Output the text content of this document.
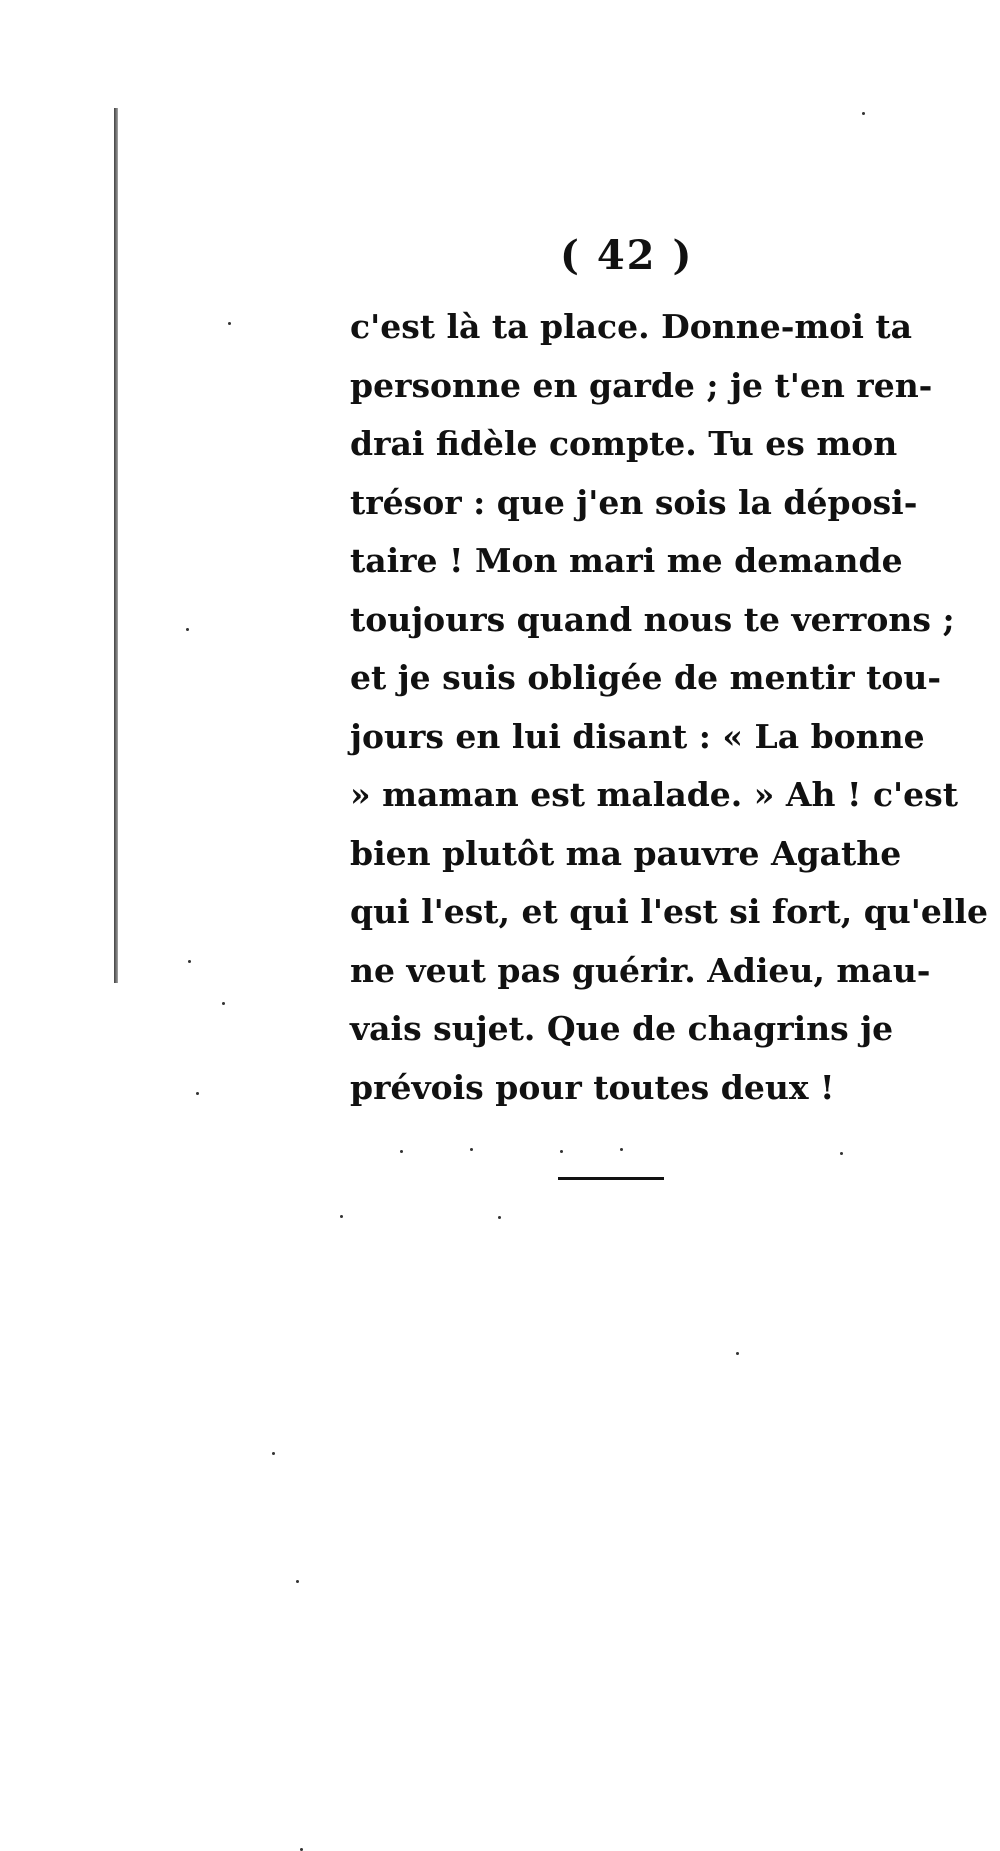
( 42 )
c'est là ta place. Donne-moi ta
personne en garde ; je t'en ren-
drai fidèle compte. Tu es mon
trésor : que j'en sois la déposi-
taire ! Mon mari me demande
toujours quand nous te verrons ;
et je suis obligée de mentir tou-
jours en lui disant : « La bonne
» maman est malade. » Ah ! c'est
bien plutôt ma pauvre Agathe
qui l'est, et qui l'est si fort, qu'elle
ne veut pas guérir. Adieu, mau-
vais sujet. Que de chagrins je
prévois pour toutes deux !
